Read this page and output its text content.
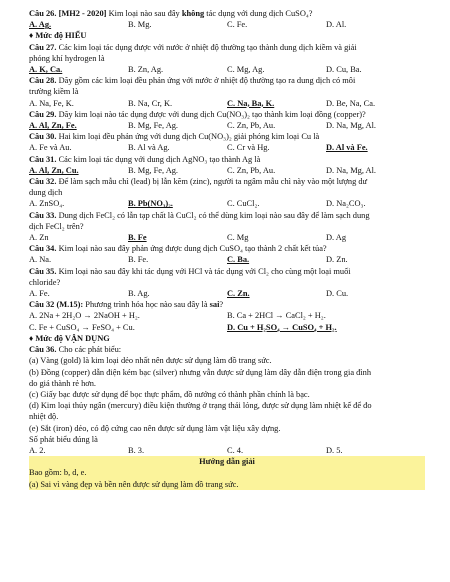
Câu 26. [MH2 - 2020] Kim loại nào sau đây không tác dụng với dung dịch CuSO₄?
A. Ag.	B. Mg.	C. Fe.	D. Al.
♦ Mức độ HIỂU
Câu 27. Các kim loại tác dụng được với nước ở nhiệt độ thường tạo thành dung dịch kiềm và giải
phóng khí hydrogen là
A. K, Ca.	B. Zn, Ag.	C. Mg, Ag.	D. Cu, Ba.
Câu 28. Dãy gồm các kim loại đều phản ứng với nước ở nhiệt độ thường tạo ra dung dịch có môi
trường kiềm là
A. Na, Fe, K.	B. Na, Cr, K.	C. Na, Ba, K.	D. Be, Na, Ca.
Câu 29. Dãy kim loại nào tác dụng được với dung dịch Cu(NO₃)₂ tạo thành kim loại đồng (copper)?
A. Al, Zn, Fe.	B. Mg, Fe, Ag.	C. Zn, Pb, Au.	D. Na, Mg, Al.
Câu 30. Hai kim loại đều phản ứng với dung dịch Cu(NO₃)₂ giải phóng kim loại Cu là
A. Fe và Au.	B. Al và Ag.	C. Cr và Hg.	D. Al và Fe.
Câu 31. Các kim loại tác dụng với dung dịch AgNO₃ tạo thành Ag là
A. Al, Zn, Cu.	B. Mg, Fe, Ag.	C. Zn, Pb, Au.	D. Na, Mg, Al.
Câu 32. Để làm sạch mẫu chì (lead) bị lẫn kẽm (zinc), người ta ngâm mẫu chì này vào một lượng dư
dung dịch
A. ZnSO₄.	B. Pb(NO₃)₂.	C. CuCl₂.	D. Na₂CO₃.
Câu 33. Dung dịch FeCl₂ có lẫn tạp chất là CuCl₂ có thể dùng kim loại nào sau đây để làm sạch dung
dịch FeCl₂ trên?
A. Zn	B. Fe	C. Mg	D. Ag
Câu 34. Kim loại nào sau đây phản ứng được dung dịch CuSO₄ tạo thành 2 chất kết tủa?
A. Na.	B. Fe.	C. Ba.	D. Zn.
Câu 35. Kim loại nào sau đây khi tác dụng với HCl và tác dụng với Cl₂ cho cùng một loại muối
chloride?
A. Fe.	B. Ag.	C. Zn.	D. Cu.
Câu 32 (M.15): Phương trình hóa học nào sau đây là sai?
A. 2Na + 2H₂O → 2NaOH + H₂.	B. Ca + 2HCl → CaCl₂ + H₂.
C. Fe + CuSO₄ → FeSO₄ + Cu.	D. Cu + H₂SO₄ → CuSO₄ + H₂.
♦ Mức độ VẬN DỤNG
Câu 36. Cho các phát biểu:
(a) Vàng (gold) là kim loại dẻo nhất nên được sử dụng làm đồ trang sức.
(b) Đồng (copper) dẫn điện kém bạc (silver) nhưng vẫn được sử dụng làm dây dẫn điện trong gia đình
do giá thành rẻ hơn.
(c) Giấy bạc được sử dụng để bọc thực phẩm, đồ nướng có thành phần chính là bạc.
(d) Kim loại thủy ngân (mercury) điều kiện thường ở trạng thái lỏng, được sử dụng làm nhiệt kế để đo
nhiệt độ.
(e) Sắt (iron) dẻo, có độ cứng cao nên được sử dụng làm vật liệu xây dựng.
Số phát biểu đúng là
A. 2.	B. 3.	C. 4.	D. 5.
Hướng dẫn giải
Bao gồm: b, d, e.
(a) Sai vì vàng đẹp và bền nên được sử dụng làm đồ trang sức.
